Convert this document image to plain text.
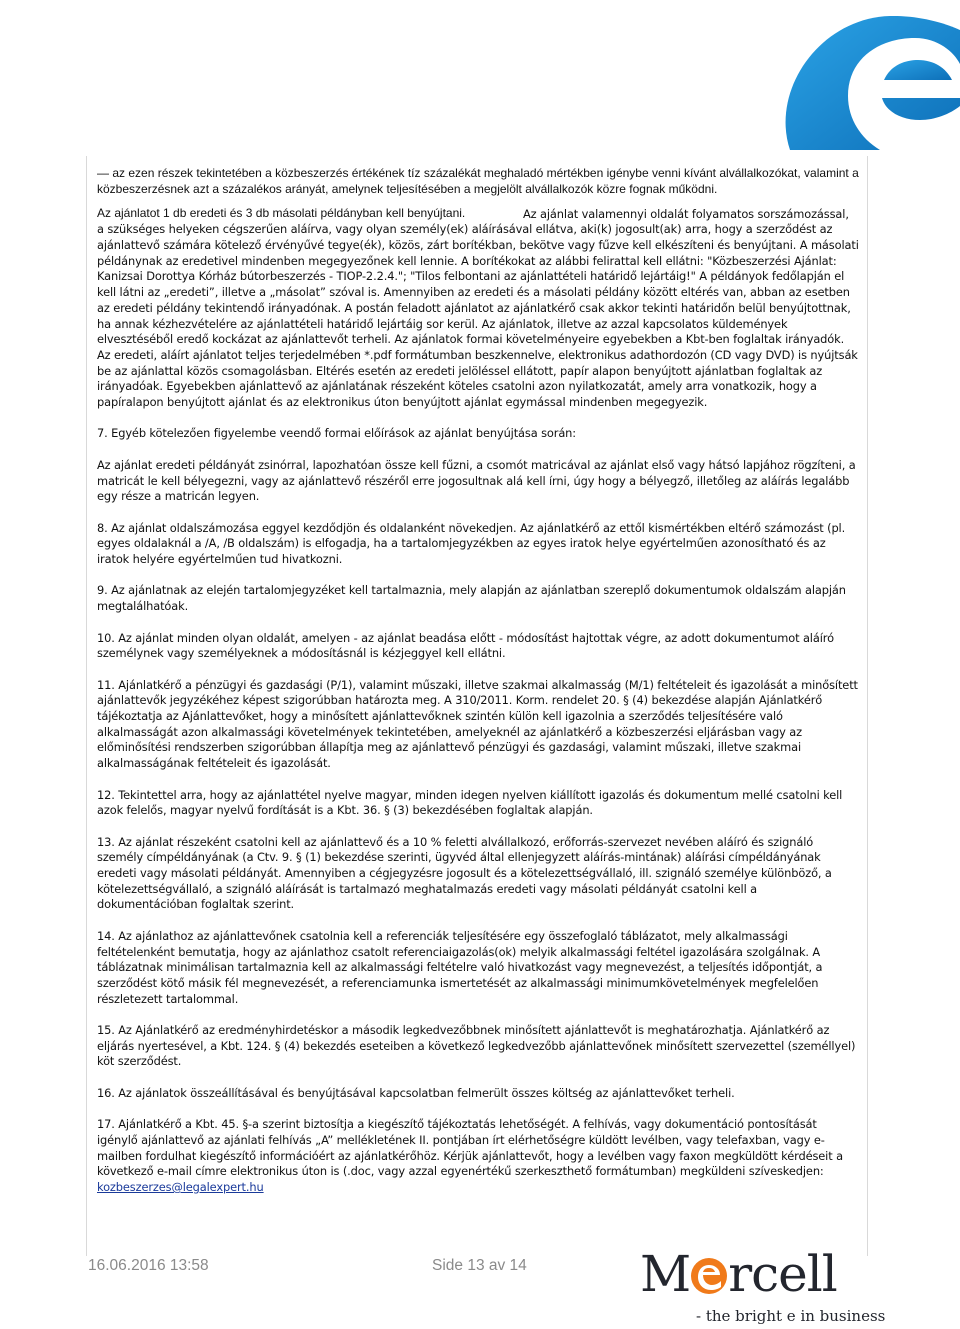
— az ezen részek tekintetében a közbeszerzés értékének tíz százalékát meghaladó mértékben igénybe venni kívánt alvállalkozókat, valamint a közbeszerzésnek azt a százalékos arányát, amelynek teljesítésében a megjelölt alvállalkozók közre fognak működni.

Az ajánlatot 1 db eredeti és 3 db másolati példányban kell benyújtani.	Az ajánlat valamennyi oldalát folyamatos sorszámozással, a szükséges helyeken cégszerűen aláírva, vagy olyan személy(ek) aláírásával ellátva, aki(k) jogosult(ak) arra, hogy a szerződést az ajánlattevő számára kötelező érvényűvé tegye(ék), közös, zárt borítékban, bekötve vagy fűzve kell elkészíteni és benyújtani. A másolati példánynak az eredetivel mindenben megegyezőnek kell lennie. A borítékokat az alábbi felirattal kell ellátni: "Közbeszerzési Ajánlat: Kanizsai Dorottya Kórház bútorbeszerzés - TIOP-2.2.4."; "Tilos felbontani az ajánlattételi határidő lejártáig!" A példányok fedőlapján el kell látni az „eredeti”, illetve a „másolat” szóval is. Amennyiben az eredeti és a másolati példány között eltérés van, abban az esetben az eredeti példány tekintendő irányadónak. A postán feladott ajánlatot az ajánlatkérő csak akkor tekinti határidőn belül benyújtottnak, ha annak kézhezvételére az ajánlattételi határidő lejártáig sor kerül. Az ajánlatok, illetve az azzal kapcsolatos küldemények elvesztéséből eredő kockázat az ajánlattevőt terheli. Az ajánlatok formai követelményeire egyebekben a Kbt-ben foglaltak irányadók. Az eredeti, aláírt ajánlatot teljes terjedelmében *.pdf formátumban beszkennelve, elektronikus adathordozón (CD vagy DVD) is nyújtsák be az ajánlattal közös csomagolásban. Eltérés esetén az eredeti jelöléssel ellátott, papír alapon benyújtott ajánlatban foglaltak az irányadóak. Egyebekben ajánlattevő az ajánlatának részeként köteles csatolni azon nyilatkozatát, amely arra vonatkozik, hogy a papíralapon benyújtott ajánlat és az elektronikus úton benyújtott ajánlat egymással mindenben megegyezik.

7. Egyéb kötelezően figyelembe veendő formai előírások az ajánlat benyújtása során:

Az ajánlat eredeti példányát zsinórral, lapozhatóan össze kell fűzni, a csomót matricával az ajánlat első vagy hátsó lapjához rögzíteni, a matricát le kell bélyegezni, vagy az ajánlattevő részéről erre jogosultnak alá kell írni, úgy hogy a bélyegző, illetőleg az aláírás legalább egy része a matricán legyen.

8. Az ajánlat oldalszámozása eggyel kezdődjön és oldalanként növekedjen. Az ajánlatkérő az ettől kismértékben eltérő számozást (pl. egyes oldalaknál a /A, /B oldalszám) is elfogadja, ha a tartalomjegyzékben az egyes iratok helye egyértelműen azonosítható és az iratok helyére egyértelműen tud hivatkozni.

9. Az ajánlatnak az elején tartalomjegyzéket kell tartalmaznia, mely alapján az ajánlatban szereplő dokumentumok oldalszám alapján megtalálhatóak.

10. Az ajánlat minden olyan oldalát, amelyen - az ajánlat beadása előtt - módosítást hajtottak végre, az adott dokumentumot aláíró személynek vagy személyeknek a módosításnál is kézjeggyel kell ellátni.

11. Ajánlatkérő a pénzügyi és gazdasági (P/1), valamint műszaki, illetve szakmai alkalmasság (M/1) feltételeit és igazolását a minősített ajánlattevők jegyzékéhez képest szigorúbban határozta meg. A 310/2011. Korm. rendelet 20. § (4) bekezdése alapján Ajánlatkérő tájékoztatja az Ajánlattevőket, hogy a minősített ajánlattevőknek szintén külön kell igazolnia a szerződés teljesítésére való alkalmasságát azon alkalmassági követelmények tekintetében, amelyeknél az ajánlatkérő a közbeszerzési eljárásban vagy az előminősítési rendszerben szigorúbban állapítja meg az ajánlattevő pénzügyi és gazdasági, valamint műszaki, illetve szakmai alkalmasságának feltételeit és igazolását.

12. Tekintettel arra, hogy az ajánlattétel nyelve magyar, minden idegen nyelven kiállított igazolás és dokumentum mellé csatolni kell azok felelős, magyar nyelvű fordítását is a Kbt. 36. § (3) bekezdésében foglaltak alapján.

13. Az ajánlat részeként csatolni kell az ajánlattevő és a 10 % feletti alvállalkozó, erőforrás-szervezet nevében aláíró és szignáló személy címpéldányának (a Ctv. 9. § (1) bekezdése szerinti, ügyvéd által ellenjegyzett aláírás-mintának) aláírási címpéldányának eredeti vagy másolati példányát. Amennyiben a cégjegyzésre jogosult és a kötelezettségvállaló, ill. szignáló személye különböző, a kötelezettségvállaló, a szignáló aláírását is tartalmazó meghatalmazás eredeti vagy másolati példányát csatolni kell a dokumentációban foglaltak szerint.

14. Az ajánlathoz az ajánlattevőnek csatolnia kell a referenciák teljesítésére egy összefoglaló táblázatot, mely alkalmassági feltételenként bemutatja, hogy az ajánlathoz csatolt referenciaigazolás(ok) melyik alkalmassági feltétel igazolására szolgálnak. A táblázatnak minimálisan tartalmaznia kell az alkalmassági feltételre való hivatkozást vagy megnevezést, a teljesítés időpontját, a szerződést kötő másik fél megnevezését, a referenciamunka ismertetését az alkalmassági minimumkövetelmények megfelelően részletezett tartalommal.

15. Az Ajánlatkérő az eredményhirdetéskor a második legkedvezőbbnek minősített ajánlattevőt is meghatározhatja. Ajánlatkérő az eljárás nyertesével, a Kbt. 124. § (4) bekezdés eseteiben a következő legkedvezőbb ajánlattevőnek minősített szervezettel (személlyel) köt szerződést.

16. Az ajánlatok összeállításával és benyújtásával kapcsolatban felmerült összes költség az ajánlattevőket terheli.

17. Ajánlatkérő a Kbt. 45. §-a szerint biztosítja a kiegészítő tájékoztatás lehetőségét. A felhívás, vagy dokumentáció pontosítását igénylő ajánlattevő az ajánlati felhívás „A” mellékletének II. pontjában írt elérhetőségre küldött levélben, vagy telefaxban, vagy e-mailben fordulhat kiegészítő információért az ajánlatkérőhöz. Kérjük ajánlattevőt, hogy a levélben vagy faxon megküldött kérdéseit a következő e-mail címre elektronikus úton is (.doc, vagy azzal egyenértékű szerkeszthető formátumban) megküldeni szíveskedjen: kozbeszerzes@legalexpert.hu

16.06.2016 13:58	Side 13 av 14 M rcell
- the bright e in business
